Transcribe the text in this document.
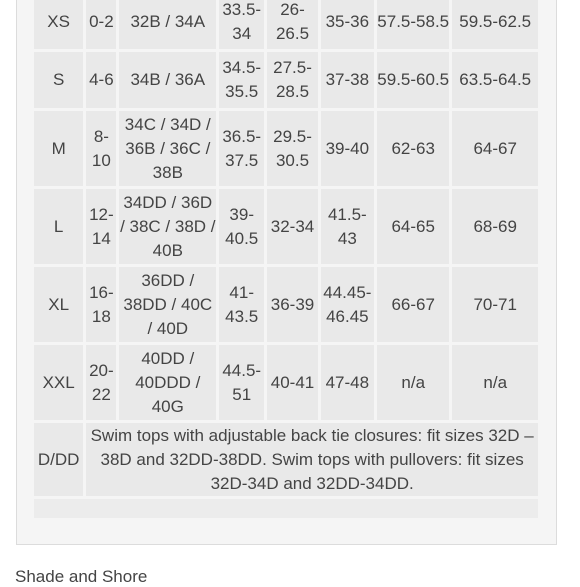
XS	0-2	32B / 34A	33.5-34	26-26.5	35-36	57.5-58.5	59.5-62.5
S	4-6	34B / 36A	34.5-35.5	27.5-28.5	37-38	59.5-60.5	63.5-64.5
M	8-10	34C / 34D / 36B / 36C / 38B	36.5-37.5	29.5-30.5	39-40	62-63	64-67
L	12-14	34DD / 36D / 38C / 38D / 40B	39-40.5	32-34	41.5-43	64-65	68-69
XL	16-18	36DD / 38DD / 40C / 40D	41-43.5	36-39	44.45-46.45	66-67	70-71
XXL	20-22	40DD / 40DDD / 40G	44.5-51	40-41	47-48	n/a	n/a
D/DD	Swim tops with adjustable back tie closures: fit sizes 32D – 38D and 32DD-38DD. Swim tops with pullovers: fit sizes 32D-34D and 32DD-34DD.						

Shade and Shore
